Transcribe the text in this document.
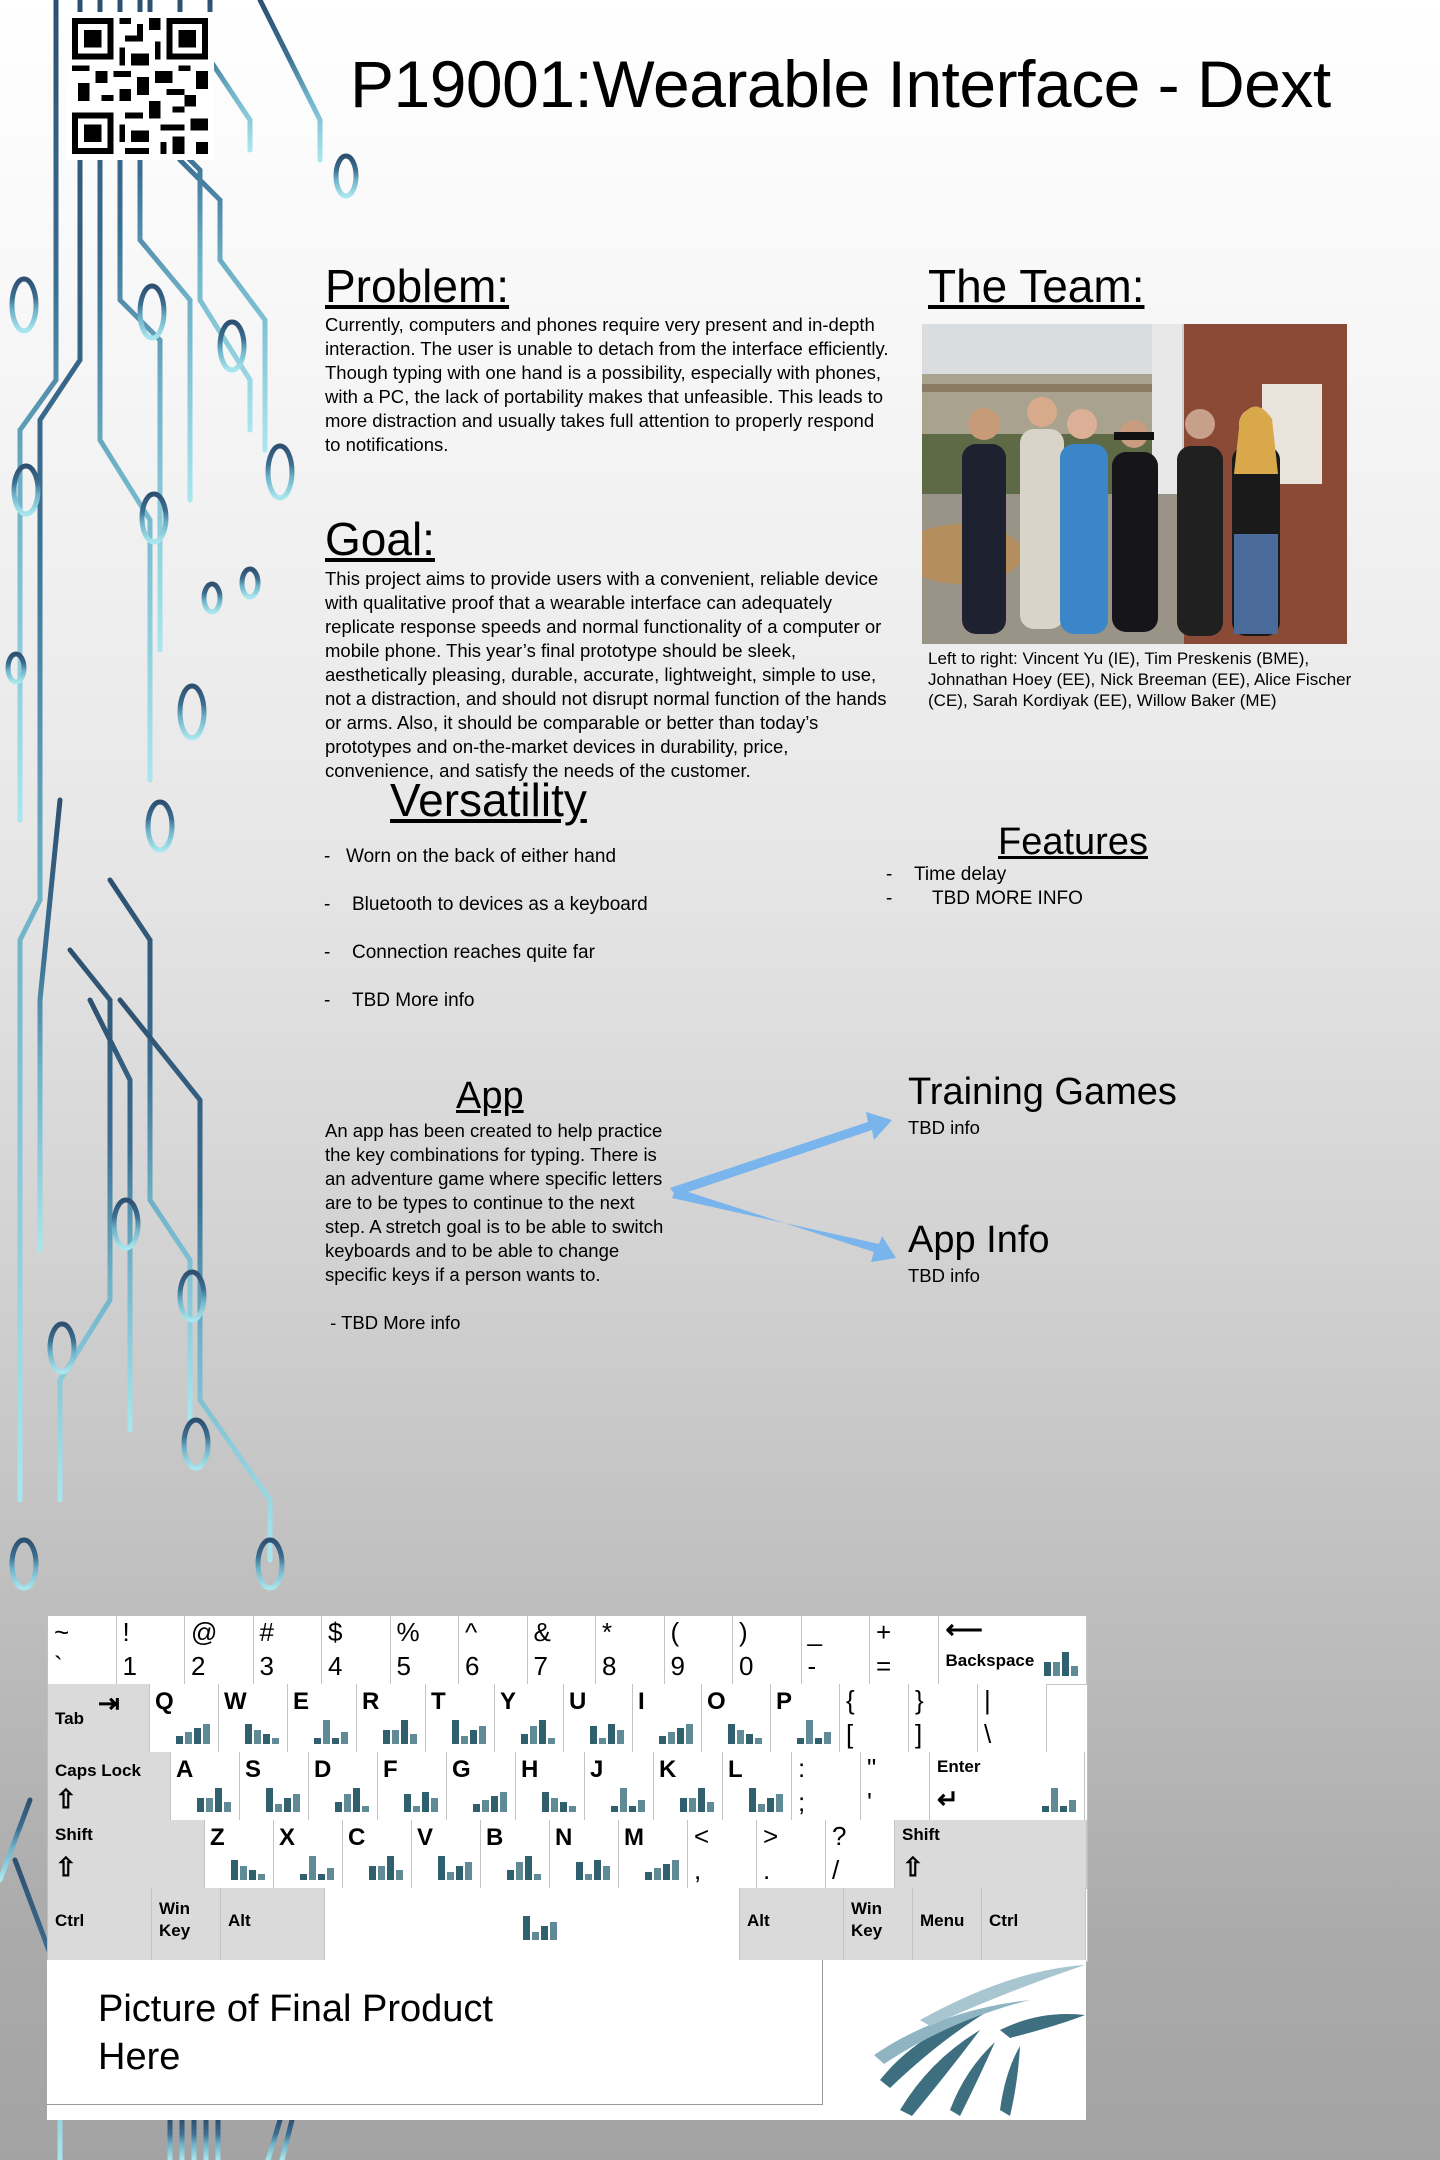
P19001:Wearable Interface - Dext
Problem:
Currently, computers and phones require very present and in-depth interaction. The user is unable to detach from the interface efficiently. Though typing with one hand is a possibility, especially with phones, with a PC, the lack of portability makes that unfeasible. This leads to more distraction and usually takes full attention to properly respond to notifications.
Goal:
This project aims to provide users with a convenient, reliable device with qualitative proof that a wearable interface can adequately replicate response speeds and normal functionality of a computer or mobile phone. This year’s final prototype should be sleek, aesthetically pleasing, durable, accurate, lightweight, simple to use, not a distraction, and should not disrupt normal function of the hands or arms. Also, it should be comparable or better than today’s prototypes and on-the-market devices in durability, price, convenience, and satisfy the needs of the customer.
The Team:
Left to right: Vincent Yu (IE), Tim Preskenis (BME), Johnathan Hoey (EE), Nick Breeman (EE), Alice Fischer (CE), Sarah Kordiyak (EE), Willow Baker (ME)
Versatility
- Worn on the back of either hand
- Bluetooth to devices as a keyboard
- Connection reaches quite far
- TBD More info
Features
- Time delay
- TBD MORE INFO
App
An app has been created to help practice the key combinations for typing. There is an adventure game where specific letters are to be types to continue to the next step. A stretch goal is to be able to switch keyboards and to be able to change specific keys if a person wants to.
- TBD More info
Training Games
TBD info
App Info
TBD info
~
`
!
1
@
2
#
3
$
4
%
5
^
6
&
7
*
8
(
9
)
0
_
-
+
=	Backspace
⟵
Tab
⇥ Q W E R T Y U I	O P {
[
}
]
|
\
Caps Lock
⇧
A S D F G H J K L :
;
"
'
Enter
↵
Shift
⇧
Z X C V B N M <
,
>
.
?
/
Shift
⇧
Ctrl
Win
Key
Alt	Alt
Win
Key
Menu Ctrl
Picture of Final Product
Here
